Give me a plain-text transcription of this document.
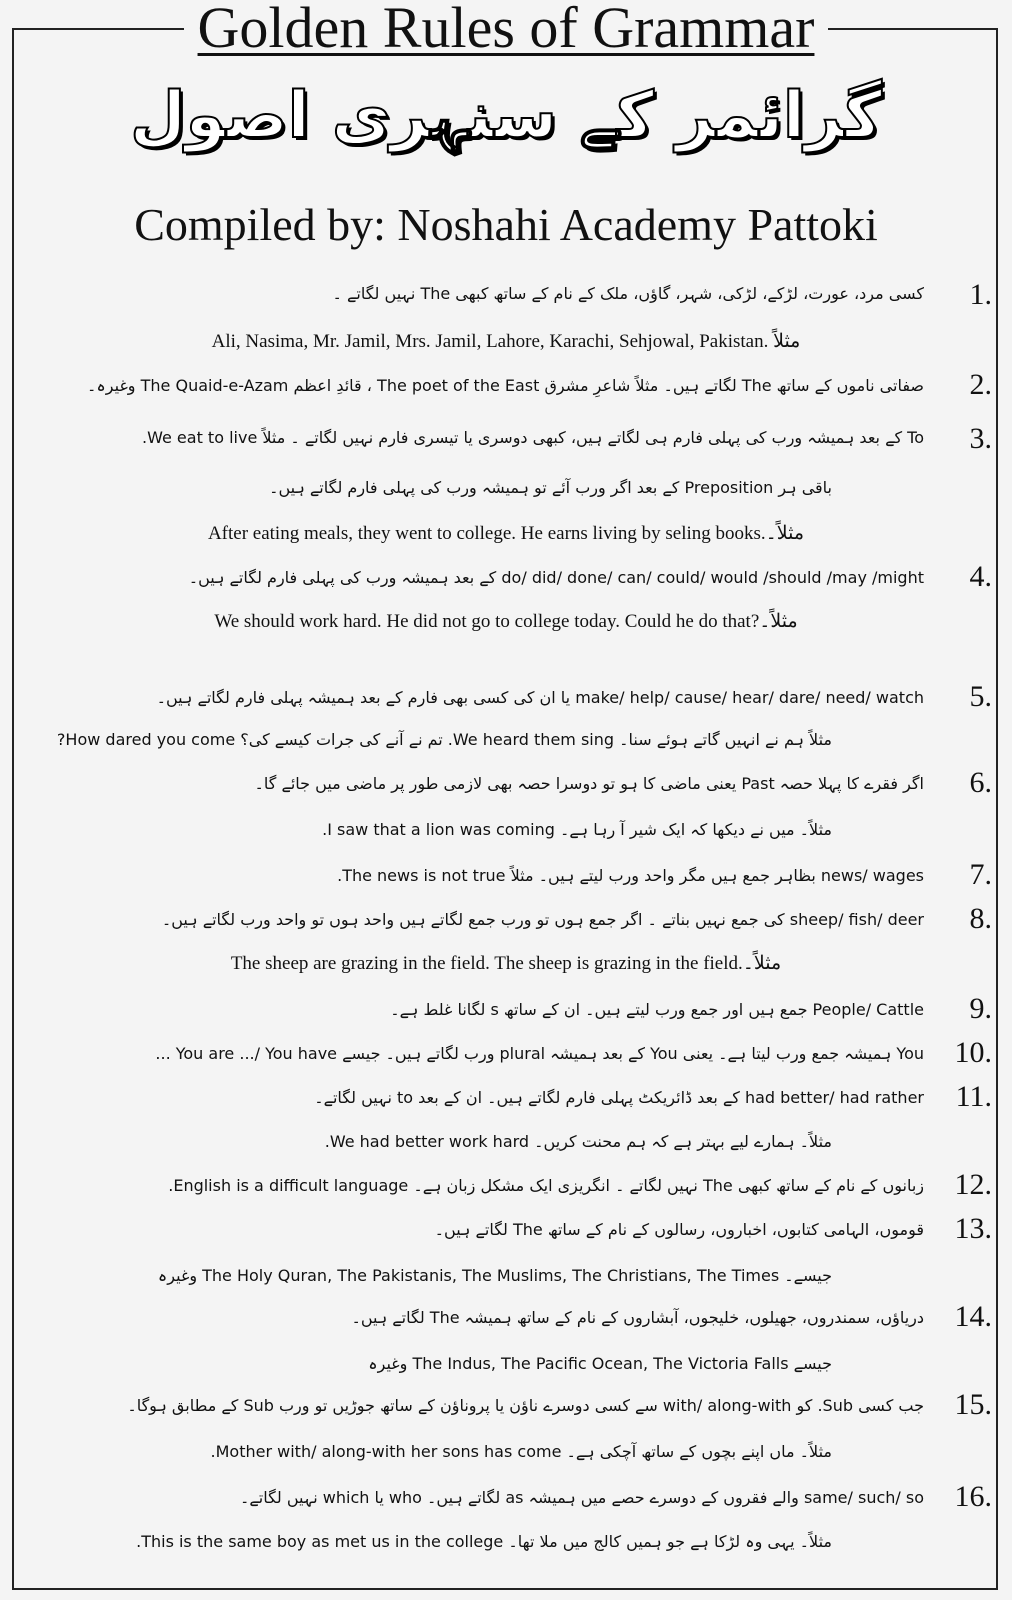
Golden Rules of Grammar
گرائمر کے سنہری اصول
Compiled by: Noshahi Academy Pattoki
1.
کسی مرد، عورت، لڑکے، لڑکی، شہر، گاؤں، ملک کے نام کے ساتھ کبھی The نہیں لگاتے ۔
Ali, Nasima, Mr. Jamil, Mrs. Jamil, Lahore, Karachi, Sehjowal, Pakistan. مثلاً
2.
صفاتی ناموں کے ساتھ The لگاتے ہیں۔ مثلاً شاعرِ مشرق The poet of the East ، قائدِ اعظم The Quaid-e-Azam وغیرہ۔
3.
To کے بعد ہمیشہ ورب کی پہلی فارم ہی لگاتے ہیں، کبھی دوسری یا تیسری فارم نہیں لگاتے ۔ مثلاً We eat to live.
باقی ہر Preposition کے بعد اگر ورب آئے تو ہمیشہ ورب کی پہلی فارم لگاتے ہیں۔
After eating meals, they went to college. He earns living by seling books.مثلاً۔
4.
do/ did/ done/ can/ could/ would /should /may /might کے بعد ہمیشہ ورب کی پہلی فارم لگاتے ہیں۔
We should work hard. He did not go to college today. Could he do that?مثلاً۔
5.
make/ help/ cause/ hear/ dare/ need/ watch یا ان کی کسی بھی فارم کے بعد ہمیشہ پہلی فارم لگاتے ہیں۔
مثلاً ہم نے انہیں گاتے ہوئے سنا۔ We heard them sing. تم نے آنے کی جرات کیسے کی؟ How dared you come?
6.
اگر فقرے کا پہلا حصہ Past یعنی ماضی کا ہو تو دوسرا حصہ بھی لازمی طور پر ماضی میں جائے گا۔
مثلاً۔ میں نے دیکھا کہ ایک شیر آ رہا ہے۔ I saw that a lion was coming.
7.
news/ wages بظاہر جمع ہیں مگر واحد ورب لیتے ہیں۔ مثلاً The news is not true.
8.
sheep/ fish/ deer کی جمع نہیں بناتے ۔ اگر جمع ہوں تو ورب جمع لگاتے ہیں واحد ہوں تو واحد ورب لگاتے ہیں۔
The sheep are grazing in the field. The sheep is grazing in the field.مثلاً۔
9.
People/ Cattle جمع ہیں اور جمع ورب لیتے ہیں۔ ان کے ساتھ s لگانا غلط ہے۔
10.
You ہمیشہ جمع ورب لیتا ہے۔ یعنی You کے بعد ہمیشہ plural ورب لگاتے ہیں۔ جیسے You are .../ You have ...
11.
had better/ had rather کے بعد ڈائریکٹ پہلی فارم لگاتے ہیں۔ ان کے بعد to نہیں لگاتے۔
مثلاً۔ ہمارے لیے بہتر ہے کہ ہم محنت کریں۔ We had better work hard.
12.
زبانوں کے نام کے ساتھ کبھی The نہیں لگاتے ۔ انگریزی ایک مشکل زبان ہے۔ English is a difficult language.
13.
قوموں، الہامی کتابوں، اخباروں، رسالوں کے نام کے ساتھ The لگاتے ہیں۔
جیسے۔ The Holy Quran, The Pakistanis, The Muslims, The Christians, The Times وغیرہ
14.
دریاؤں، سمندروں، جھیلوں، خلیجوں، آبشاروں کے نام کے ساتھ ہمیشہ The لگاتے ہیں۔
جیسے The Indus, The Pacific Ocean, The Victoria Falls وغیرہ
15.
جب کسی Sub. کو with/ along-with سے کسی دوسرے ناؤن یا پروناؤن کے ساتھ جوڑیں تو ورب Sub کے مطابق ہوگا۔
مثلاً۔ ماں اپنے بچوں کے ساتھ آچکی ہے۔ Mother with/ along-with her sons has come.
16.
same/ such/ so والے فقروں کے دوسرے حصے میں ہمیشہ as لگاتے ہیں۔ who یا which نہیں لگاتے۔
مثلاً۔ یہی وہ لڑکا ہے جو ہمیں کالج میں ملا تھا۔ This is the same boy as met us in the college.
